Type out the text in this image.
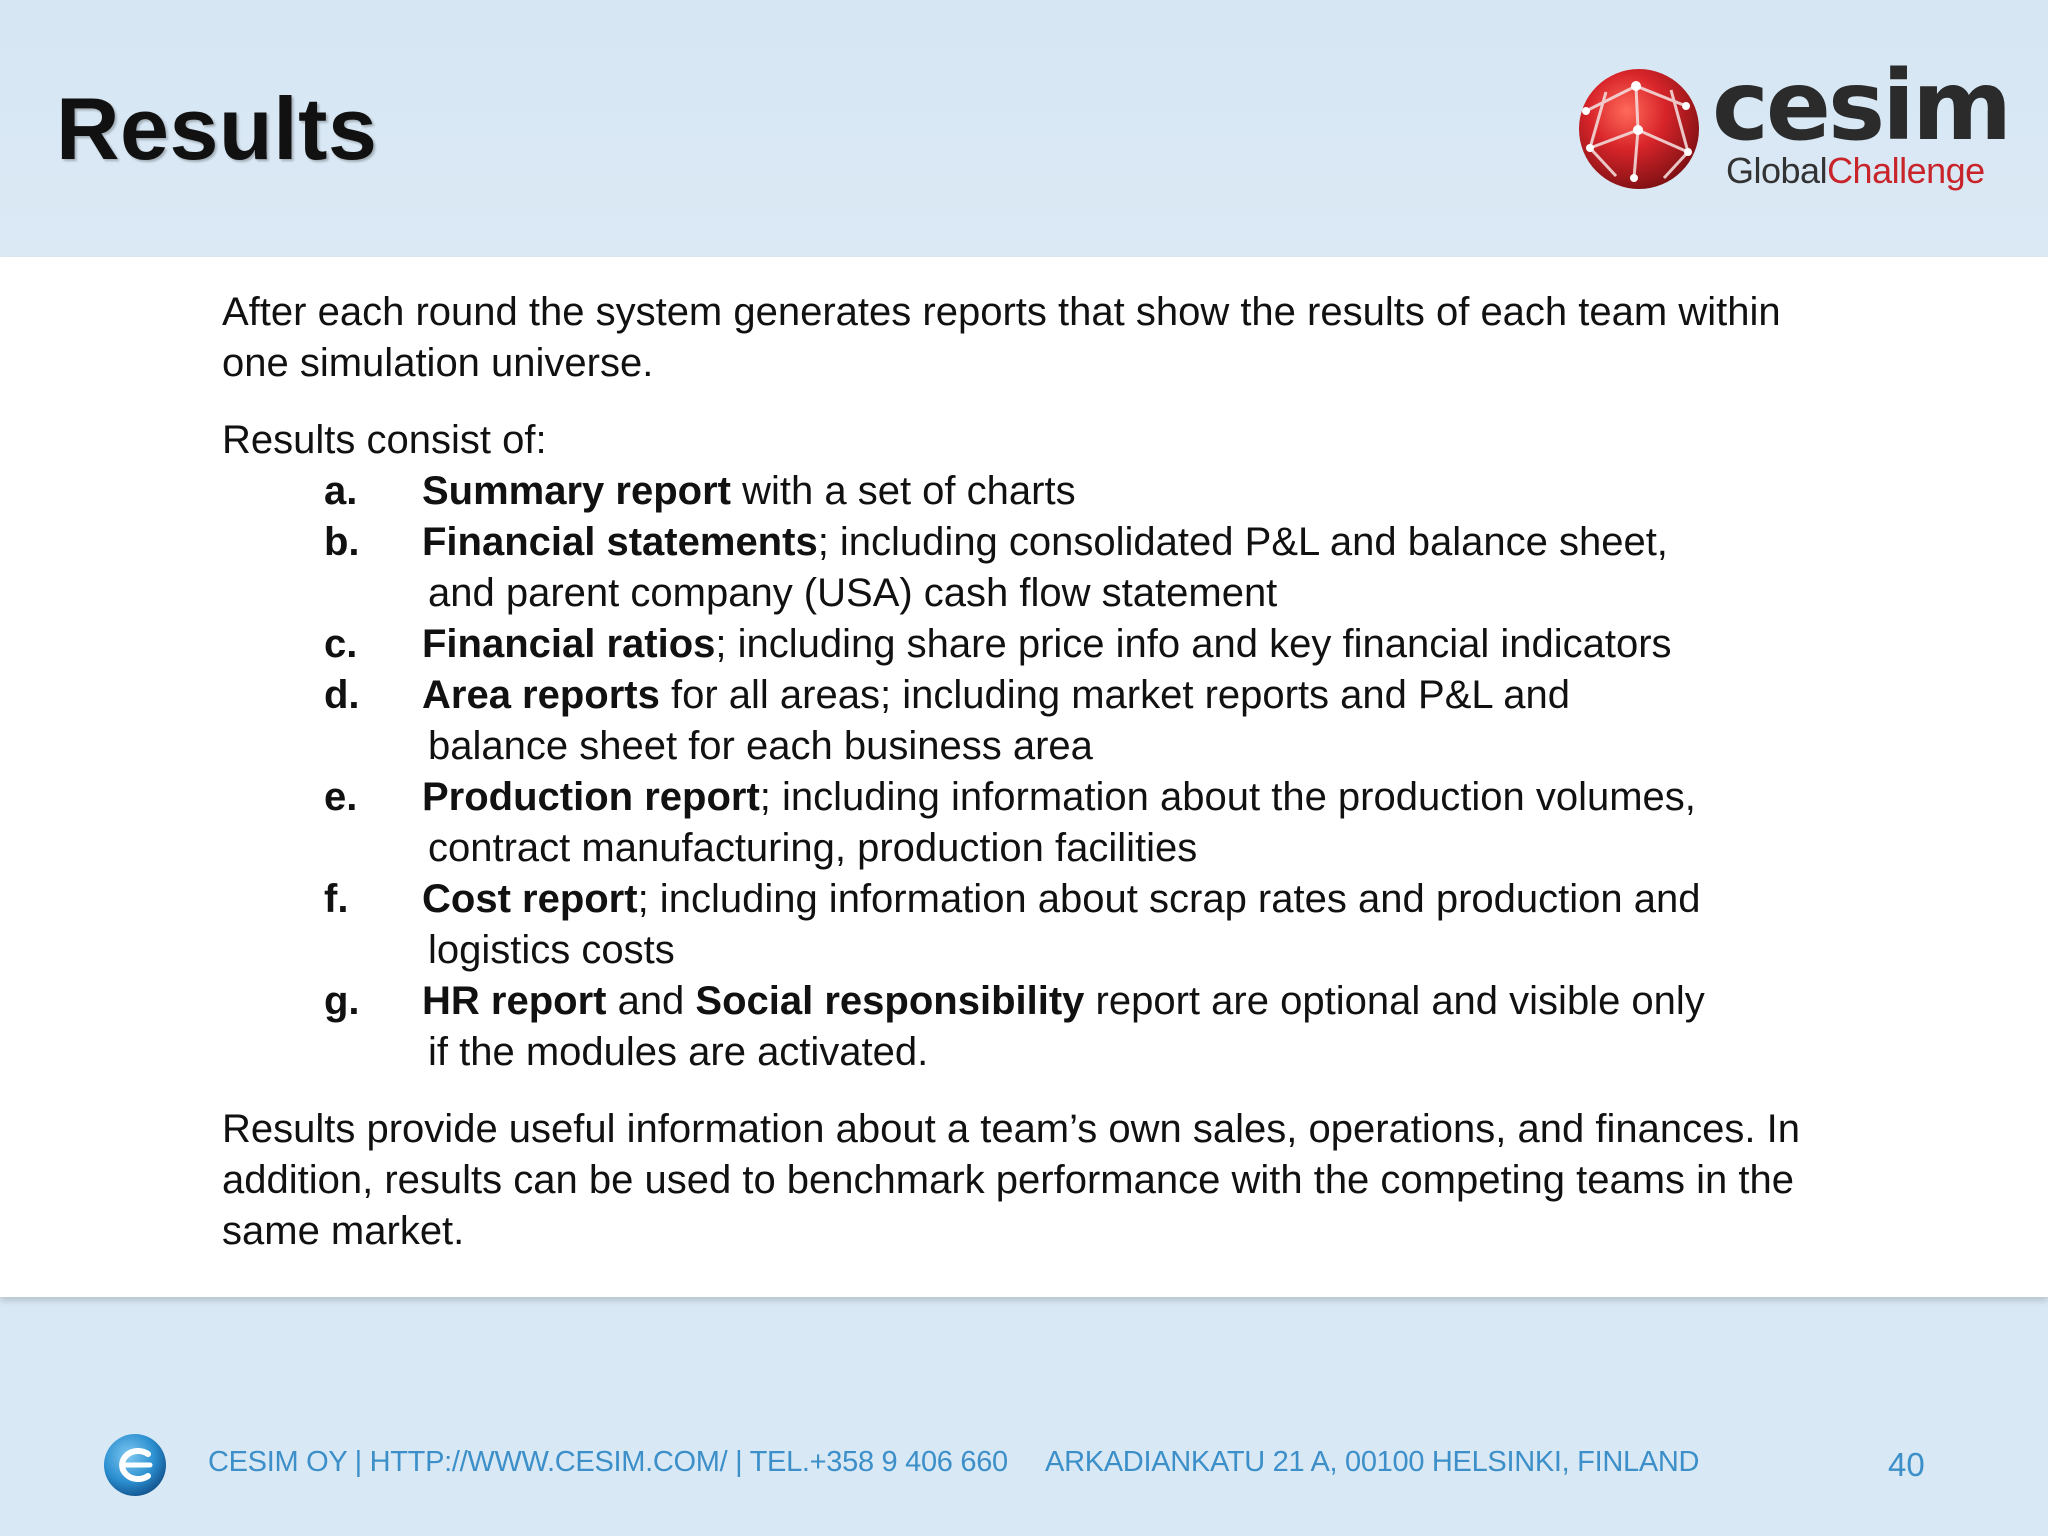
Results	cesim
GlobalChallenge

After each round the system generates reports that show the results of each team within one simulation universe.

Results consist of:

a. Summary report with a set of charts
b. Financial statements; including consolidated P&L and balance sheet,
and parent company (USA) cash flow statement
c. Financial ratios; including share price info and key financial indicators
d. Area reports for all areas; including market reports and P&L and
balance sheet for each business area
e. Production report; including information about the production volumes,
contract manufacturing, production facilities
f. Cost report; including information about scrap rates and production and
logistics costs
g. HR report and Social responsibility report are optional and visible only
if the modules are activated.

Results provide useful information about a team’s own sales, operations, and finances. In addition, results can be used to benchmark performance with the competing teams in the same market.

CESIM OY | HTTP://WWW.CESIM.COM/ | TEL.+358 9 406 660     ARKADIANKATU 21 A, 00100 HELSINKI, FINLAND	40
